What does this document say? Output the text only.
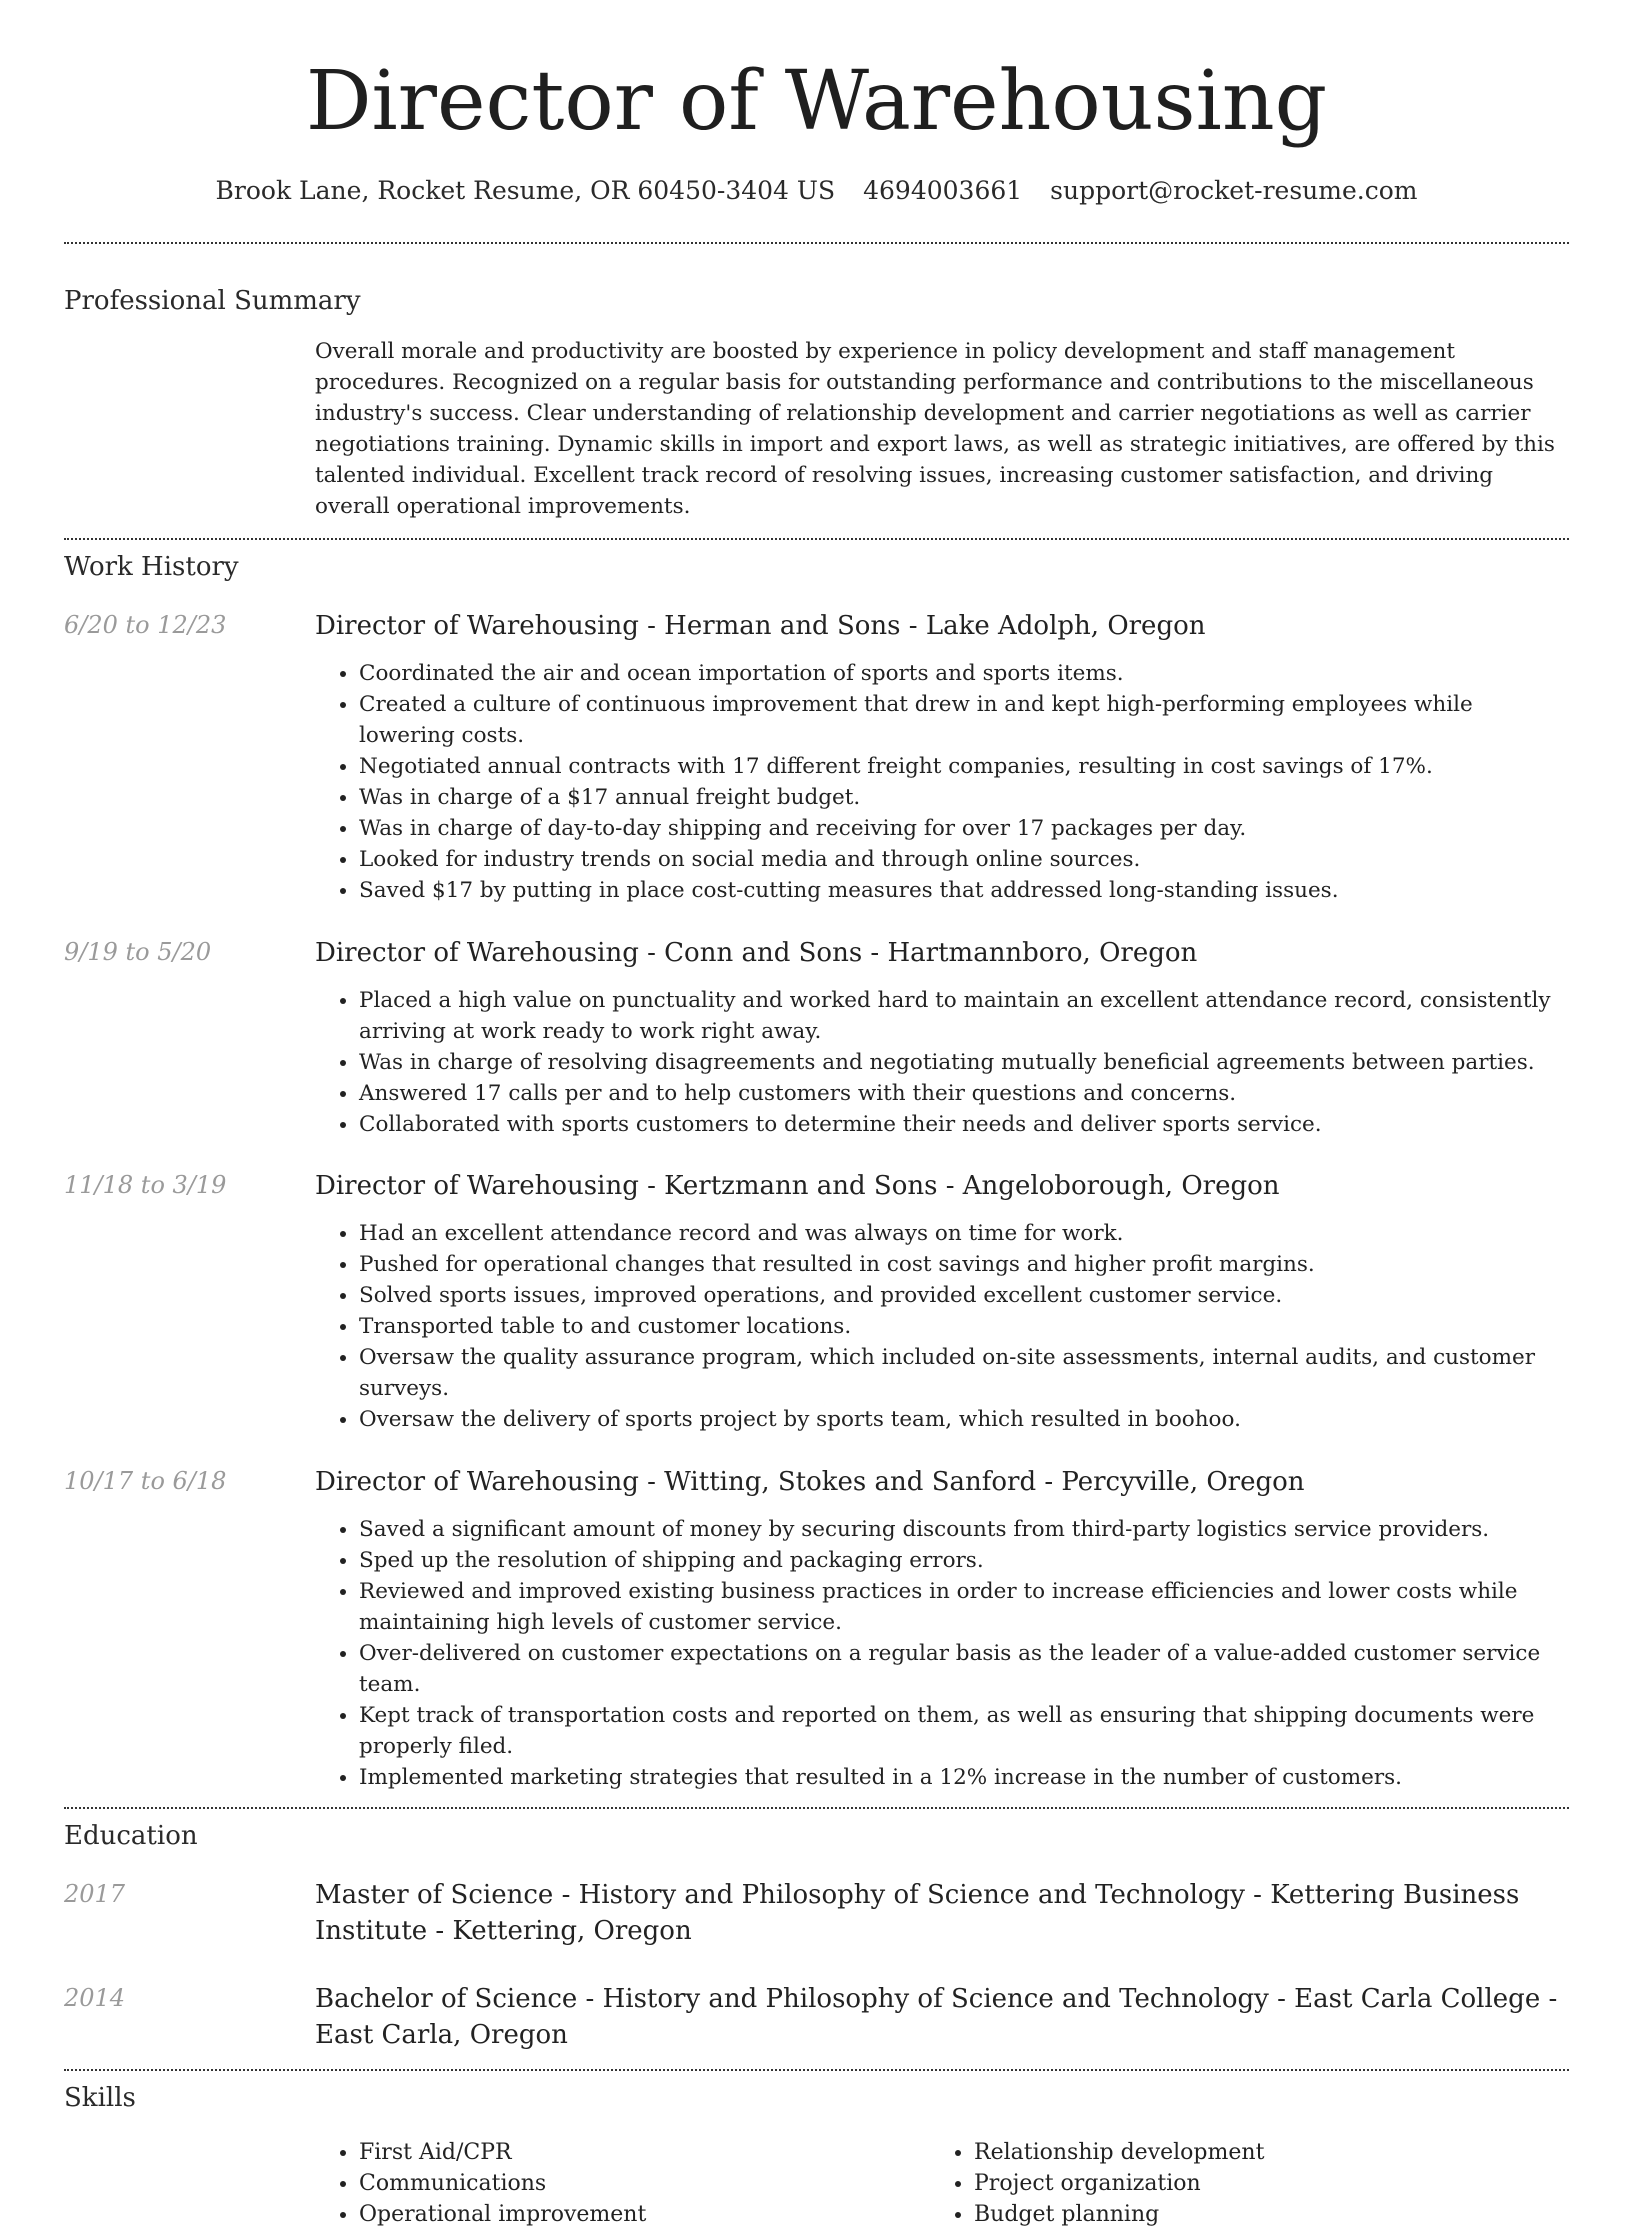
Director of Warehousing
Brook Lane, Rocket Resume, OR 60450-3404 US 4694003661 support@rocket-resume.com
Professional Summary
Overall morale and productivity are boosted by experience in policy development and staff management procedures. Recognized on a regular basis for outstanding performance and contributions to the miscellaneous industry's success. Clear understanding of relationship development and carrier negotiations as well as carrier negotiations training. Dynamic skills in import and export laws, as well as strategic initiatives, are offered by this talented individual. Excellent track record of resolving issues, increasing customer satisfaction, and driving overall operational improvements.
Work History
6/20 to 12/23	Director of Warehousing - Herman and Sons - Lake Adolph, Oregon
• Coordinated the air and ocean importation of sports and sports items.
• Created a culture of continuous improvement that drew in and kept high-performing employees while lowering costs.
• Negotiated annual contracts with 17 different freight companies, resulting in cost savings of 17%.
• Was in charge of a $17 annual freight budget.
• Was in charge of day-to-day shipping and receiving for over 17 packages per day.
• Looked for industry trends on social media and through online sources.
• Saved $17 by putting in place cost-cutting measures that addressed long-standing issues.
9/19 to 5/20	Director of Warehousing - Conn and Sons - Hartmannboro, Oregon
• Placed a high value on punctuality and worked hard to maintain an excellent attendance record, consistently arriving at work ready to work right away.
• Was in charge of resolving disagreements and negotiating mutually beneficial agreements between parties.
• Answered 17 calls per and to help customers with their questions and concerns.
• Collaborated with sports customers to determine their needs and deliver sports service.
11/18 to 3/19	Director of Warehousing - Kertzmann and Sons - Angeloborough, Oregon
• Had an excellent attendance record and was always on time for work.
• Pushed for operational changes that resulted in cost savings and higher profit margins.
• Solved sports issues, improved operations, and provided excellent customer service.
• Transported table to and customer locations.
• Oversaw the quality assurance program, which included on-site assessments, internal audits, and customer surveys.
• Oversaw the delivery of sports project by sports team, which resulted in boohoo.
10/17 to 6/18	Director of Warehousing - Witting, Stokes and Sanford - Percyville, Oregon
• Saved a significant amount of money by securing discounts from third-party logistics service providers.
• Sped up the resolution of shipping and packaging errors.
• Reviewed and improved existing business practices in order to increase efficiencies and lower costs while maintaining high levels of customer service.
• Over-delivered on customer expectations on a regular basis as the leader of a value-added customer service team.
• Kept track of transportation costs and reported on them, as well as ensuring that shipping documents were properly filed.
• Implemented marketing strategies that resulted in a 12% increase in the number of customers.
Education
2017	Master of Science - History and Philosophy of Science and Technology - Kettering Business Institute - Kettering, Oregon
2014	Bachelor of Science - History and Philosophy of Science and Technology - East Carla College - East Carla, Oregon
Skills
• First Aid/CPR
• Communications
• Operational improvement
• Relationship development
• Project organization
• Budget planning
